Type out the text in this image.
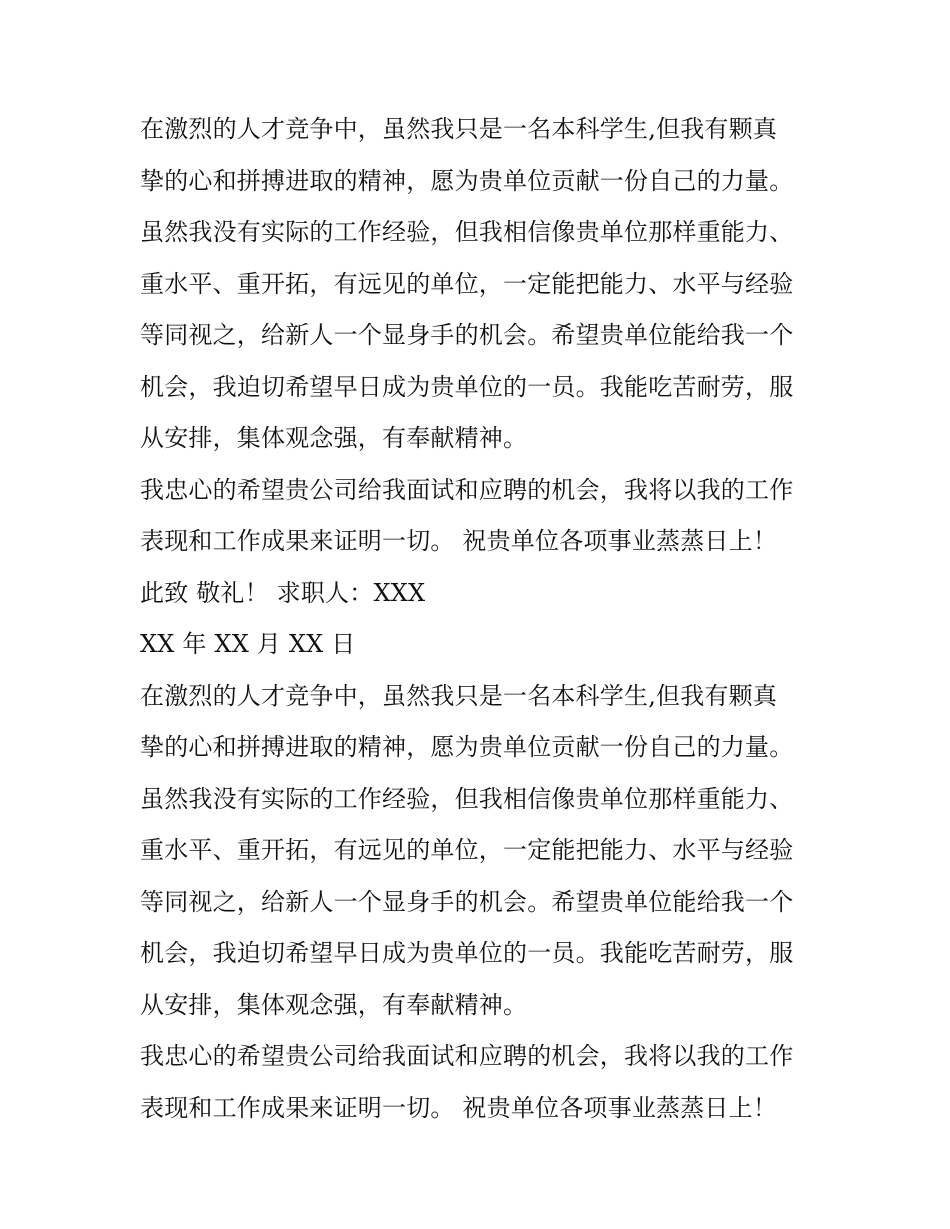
在激烈的人才竞争中，虽然我只是一名本科学生,但我有颗真
挚的心和拼搏进取的精神，愿为贵单位贡献一份自己的力量。
虽然我没有实际的工作经验，但我相信像贵单位那样重能力、
重水平、重开拓，有远见的单位，一定能把能力、水平与经验
等同视之，给新人一个显身手的机会。希望贵单位能给我一个
机会，我迫切希望早日成为贵单位的一员。我能吃苦耐劳，服
从安排，集体观念强，有奉献精神。
我忠心的希望贵公司给我面试和应聘的机会，我将以我的工作
表现和工作成果来证明一切。 祝贵单位各项事业蒸蒸日上！
此致 敬礼！ 求职人：XXX
XX 年 XX 月 XX 日
在激烈的人才竞争中，虽然我只是一名本科学生,但我有颗真
挚的心和拼搏进取的精神，愿为贵单位贡献一份自己的力量。
虽然我没有实际的工作经验，但我相信像贵单位那样重能力、
重水平、重开拓，有远见的单位，一定能把能力、水平与经验
等同视之，给新人一个显身手的机会。希望贵单位能给我一个
机会，我迫切希望早日成为贵单位的一员。我能吃苦耐劳，服
从安排，集体观念强，有奉献精神。
我忠心的希望贵公司给我面试和应聘的机会，我将以我的工作
表现和工作成果来证明一切。 祝贵单位各项事业蒸蒸日上！
